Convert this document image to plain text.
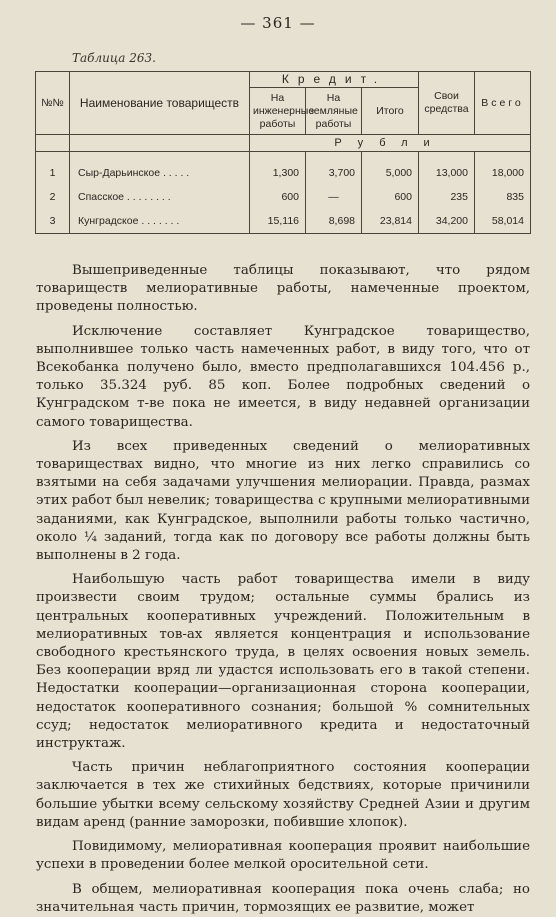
— 361 —
Таблица 263.
№№	Наименование товариществ	Кредит.			Свои средства	Всего
		На инженерные работы	На земляные работы	Итого		
		Рубли				
1	Сыр-Дарьинское . . . . .	1,300	3,700	5,000	13,000	18,000
2	Спасское . . . . . . . .	600	—	600	235	835
3	Кунградское . . . . . . .	15,116	8,698	23,814	34,200	58,014

Вышеприведенные таблицы показывают, что рядом товариществ мелиоративные работы, намеченные проектом, проведены полностью.

Исключение составляет Кунградское товарищество, выполнившее только часть намеченных работ, в виду того, что от Всекобанка получено было, вместо предполагавшихся 104.456 р., только 35.324 руб. 85 коп. Более подробных сведений о Кунградском т-ве пока не имеется, в виду недавней организации самого товарищества.

Из всех приведенных сведений о мелиоративных товариществах видно, что многие из них легко справились со взятыми на себя задачами улучшения мелиорации. Правда, размах этих работ был невелик; товарищества с крупными мелиоративными заданиями, как Кунградское, выполнили работы только частично, около ¼ заданий, тогда как по договору все работы должны быть выполнены в 2 года.

Наибольшую часть работ товарищества имели в виду произвести своим трудом; остальные суммы брались из центральных кооперативных учреждений. Положительным в мелиоративных тов-ах является концентрация и использование свободного крестьянского труда, в целях освоения новых земель. Без кооперации вряд ли удастся использовать его в такой степени. Недостатки кооперации—организационная сторона кооперации, недостаток кооперативного сознания; большой % сомнительных ссуд; недостаток мелиоративного кредита и недостаточный инструктаж.

Часть причин неблагоприятного состояния кооперации заключается в тех же стихийных бедствиях, которые причинили большие убытки всему сельскому хозяйству Средней Азии и другим видам аренд (ранние заморозки, побившие хлопок).

Повидимому, мелиоративная кооперация проявит наибольшие успехи в проведении более мелкой оросительной сети.

В общем, мелиоративная кооперация пока очень слаба; но значительная часть причин, тормозящих ее развитие, может
